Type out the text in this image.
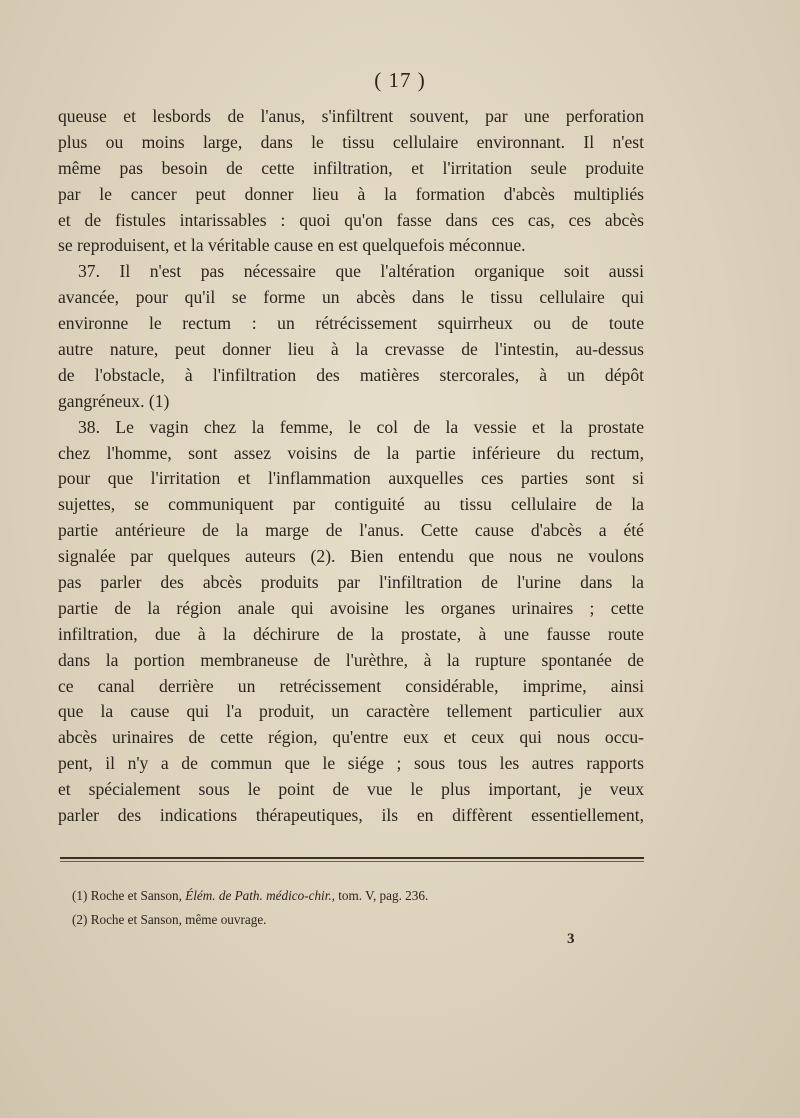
( 17 )
queuse et lesbords de l'anus, s'infiltrent souvent, par une perforation
plus ou moins large, dans le tissu cellulaire environnant. Il n'est
même pas besoin de cette infiltration, et l'irritation seule produite
par le cancer peut donner lieu à la formation d'abcès multipliés
et de fistules intarissables : quoi qu'on fasse dans ces cas, ces abcès
se reproduisent, et la véritable cause en est quelquefois méconnue.
37. Il n'est pas nécessaire que l'altération organique soit aussi
avancée, pour qu'il se forme un abcès dans le tissu cellulaire qui
environne le rectum : un rétrécissement squirrheux ou de toute
autre nature, peut donner lieu à la crevasse de l'intestin, au-dessus
de l'obstacle, à l'infiltration des matières stercorales, à un dépôt
gangréneux. (1)
38. Le vagin chez la femme, le col de la vessie et la prostate
chez l'homme, sont assez voisins de la partie inférieure du rectum,
pour que l'irritation et l'inflammation auxquelles ces parties sont si
sujettes, se communiquent par contiguité au tissu cellulaire de la
partie antérieure de la marge de l'anus. Cette cause d'abcès a été
signalée par quelques auteurs (2). Bien entendu que nous ne voulons
pas parler des abcès produits par l'infiltration de l'urine dans la
partie de la région anale qui avoisine les organes urinaires ; cette
infiltration, due à la déchirure de la prostate, à une fausse route
dans la portion membraneuse de l'urèthre, à la rupture spontanée de
ce canal derrière un retrécissement considérable, imprime, ainsi
que la cause qui l'a produit, un caractère tellement particulier aux
abcès urinaires de cette région, qu'entre eux et ceux qui nous occu-
pent, il n'y a de commun que le siége ; sous tous les autres rapports
et spécialement sous le point de vue le plus important, je veux
parler des indications thérapeutiques, ils en diffèrent essentiellement,
(1) Roche et Sanson, Élém. de Path. médico-chir., tom. V, pag. 236.
(2) Roche et Sanson, même ouvrage.
3
